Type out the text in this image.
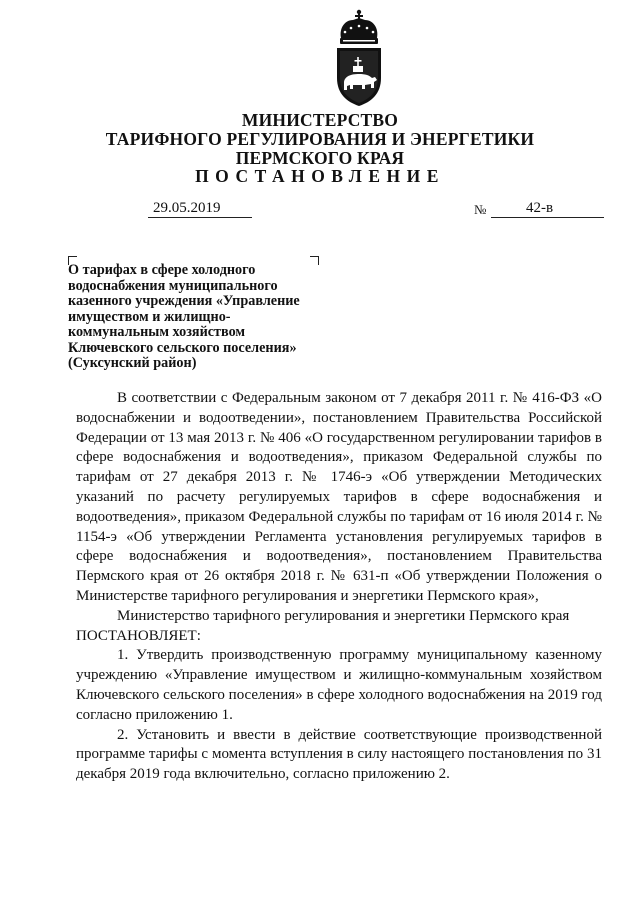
МИНИСТЕРСТВО
ТАРИФНОГО РЕГУЛИРОВАНИЯ И ЭНЕРГЕТИКИ
ПЕРМСКОГО КРАЯ
ПОСТАНОВЛЕНИЕ
29.05.2019	№	42-в
О тарифах в сфере холодного
водоснабжения муниципального
казенного учреждения «Управление
имуществом и жилищно-
коммунальным хозяйством
Ключевского сельского поселения»
(Суксунский район)

В соответствии с Федеральным законом от 7 декабря 2011 г. № 416-ФЗ «О водоснабжении и водоотведении», постановлением Правительства Российской Федерации от 13 мая 2013 г. № 406 «О государственном регулировании тарифов в сфере водоснабжения и водоотведения», приказом Федеральной службы по тарифам от 27 декабря 2013 г. № 1746-э «Об утверждении Методических указаний по расчету регулируемых тарифов в сфере водоснабжения и водоотведения», приказом Федеральной службы по тарифам от 16 июля 2014 г. № 1154-э «Об утверждении Регламента установления регулируемых тарифов в сфере водоснабжения и водоотведения», постановлением Правительства Пермского края от 26 октября 2018 г. № 631-п «Об утверждении Положения о Министерстве тарифного регулирования и энергетики Пермского края»,

Министерство тарифного регулирования и энергетики Пермского края

ПОСТАНОВЛЯЕТ:

1. Утвердить производственную программу муниципальному казенному учреждению «Управление имуществом и жилищно-коммунальным хозяйством Ключевского сельского поселения» в сфере холодного водоснабжения на 2019 год согласно приложению 1.

2. Установить и ввести в действие соответствующие производственной программе тарифы с момента вступления в силу настоящего постановления по 31 декабря 2019 года включительно, согласно приложению 2.
